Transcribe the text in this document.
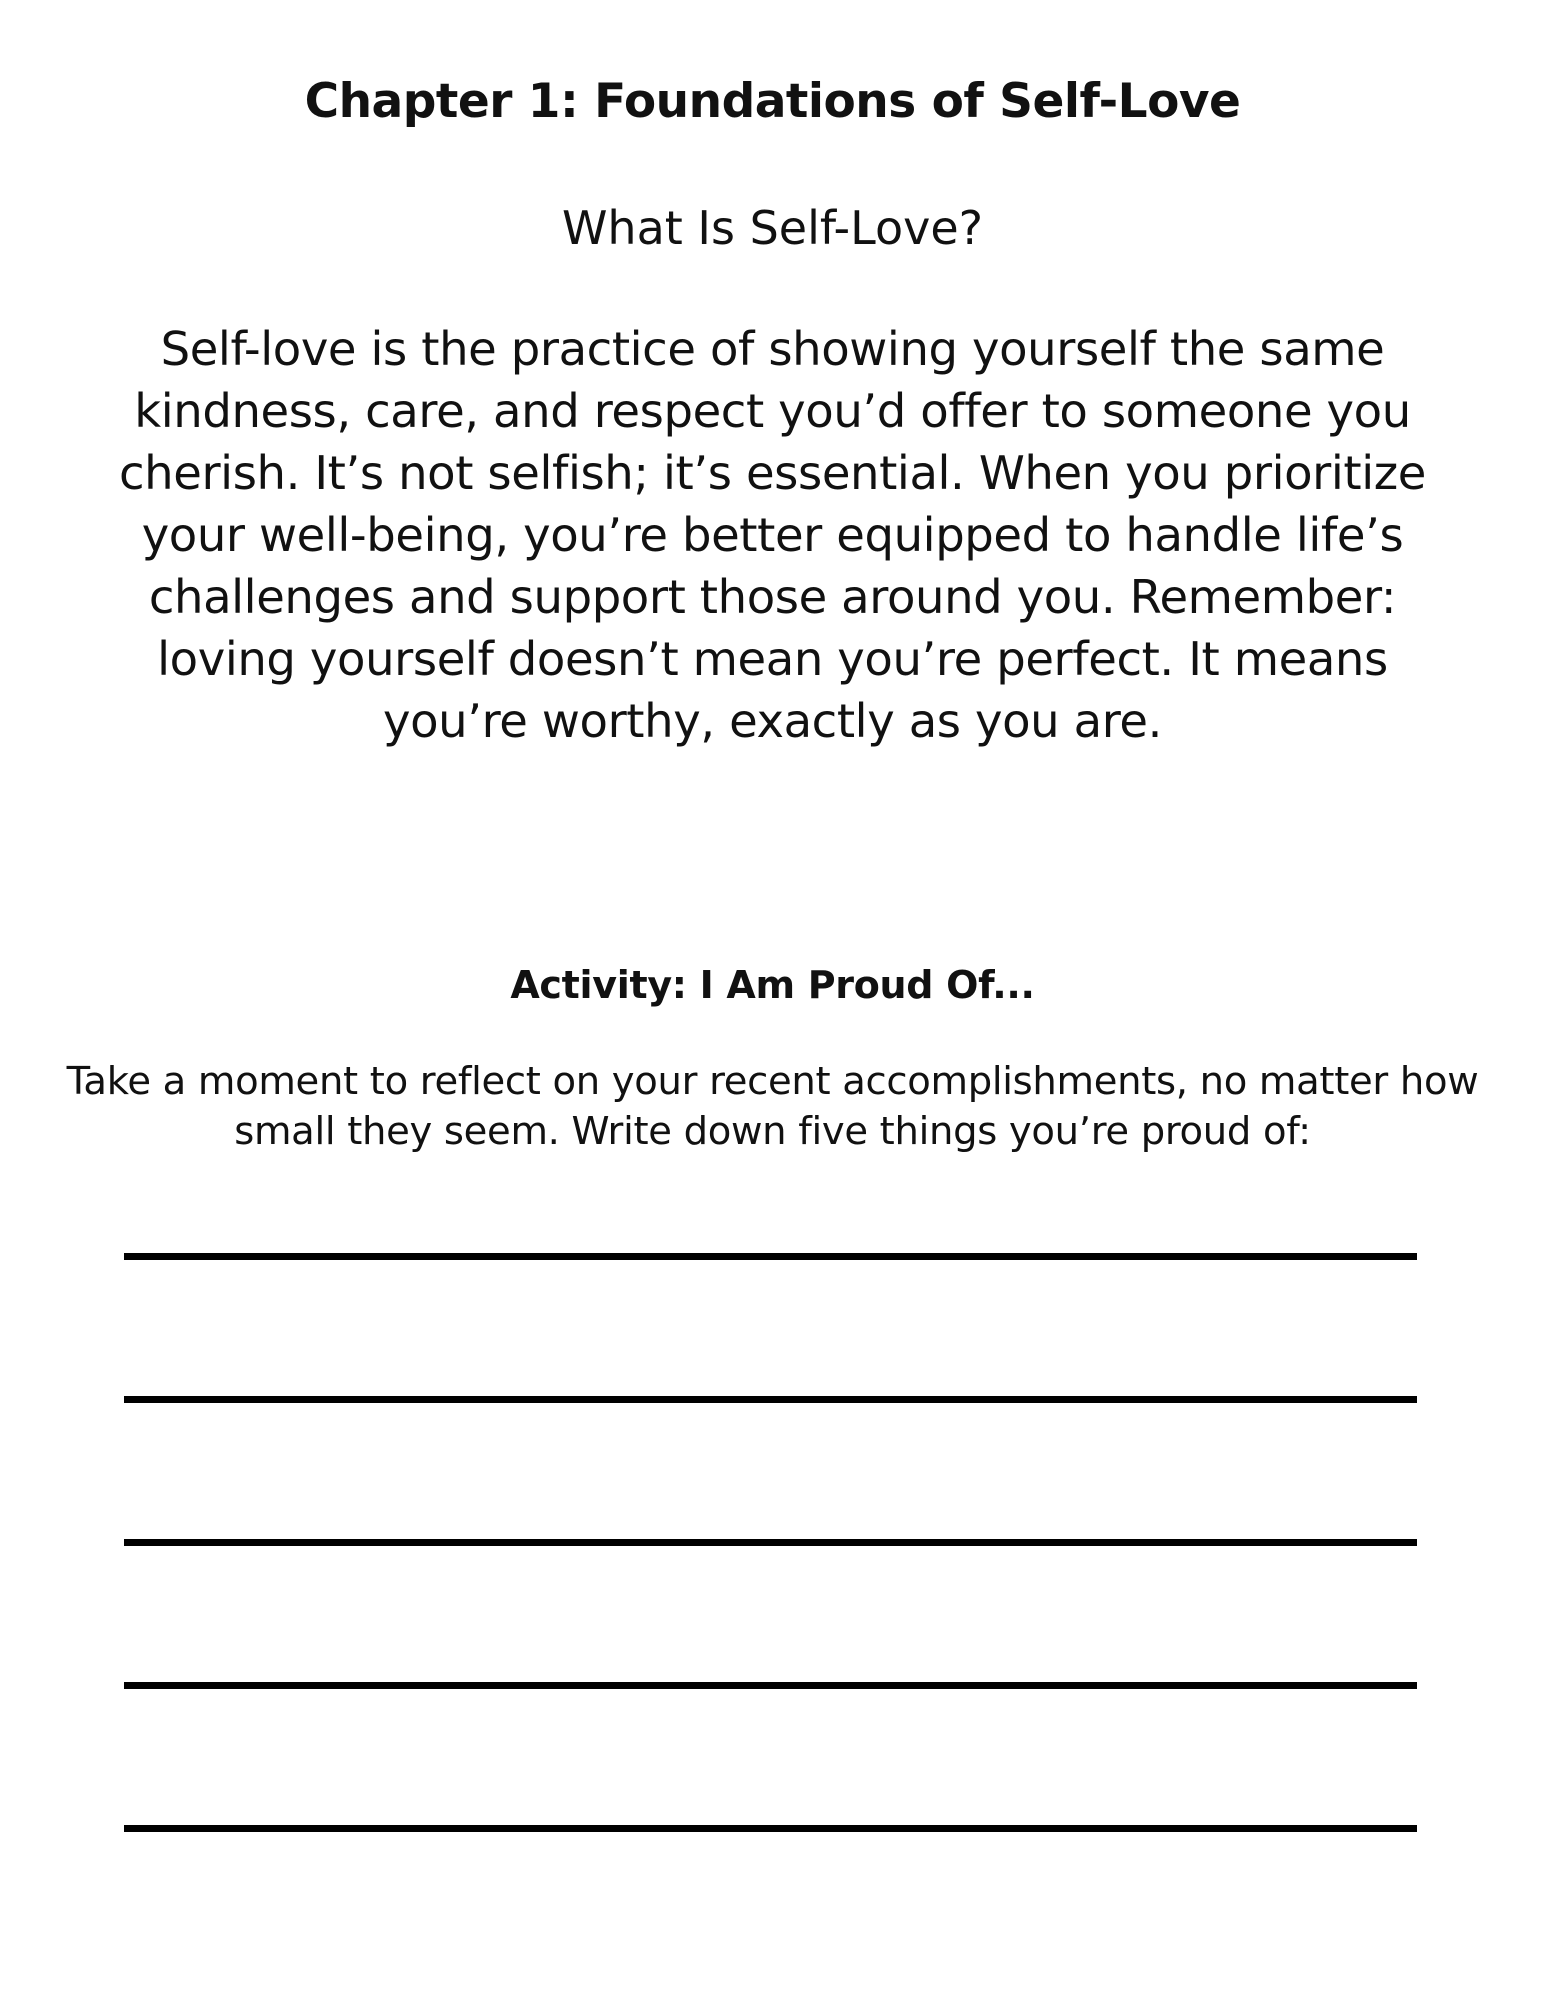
Chapter 1: Foundations of Self-Love
What Is Self-Love?
Self-love is the practice of showing yourself the same kindness, care, and respect you’d offer to someone you cherish. It’s not selfish; it’s essential. When you prioritize your well-being, you’re better equipped to handle life’s challenges and support those around you. Remember: loving yourself doesn’t mean you’re perfect. It means you’re worthy, exactly as you are.
Activity: I Am Proud Of...
Take a moment to reflect on your recent accomplishments, no matter how small they seem. Write down five things you’re proud of:
